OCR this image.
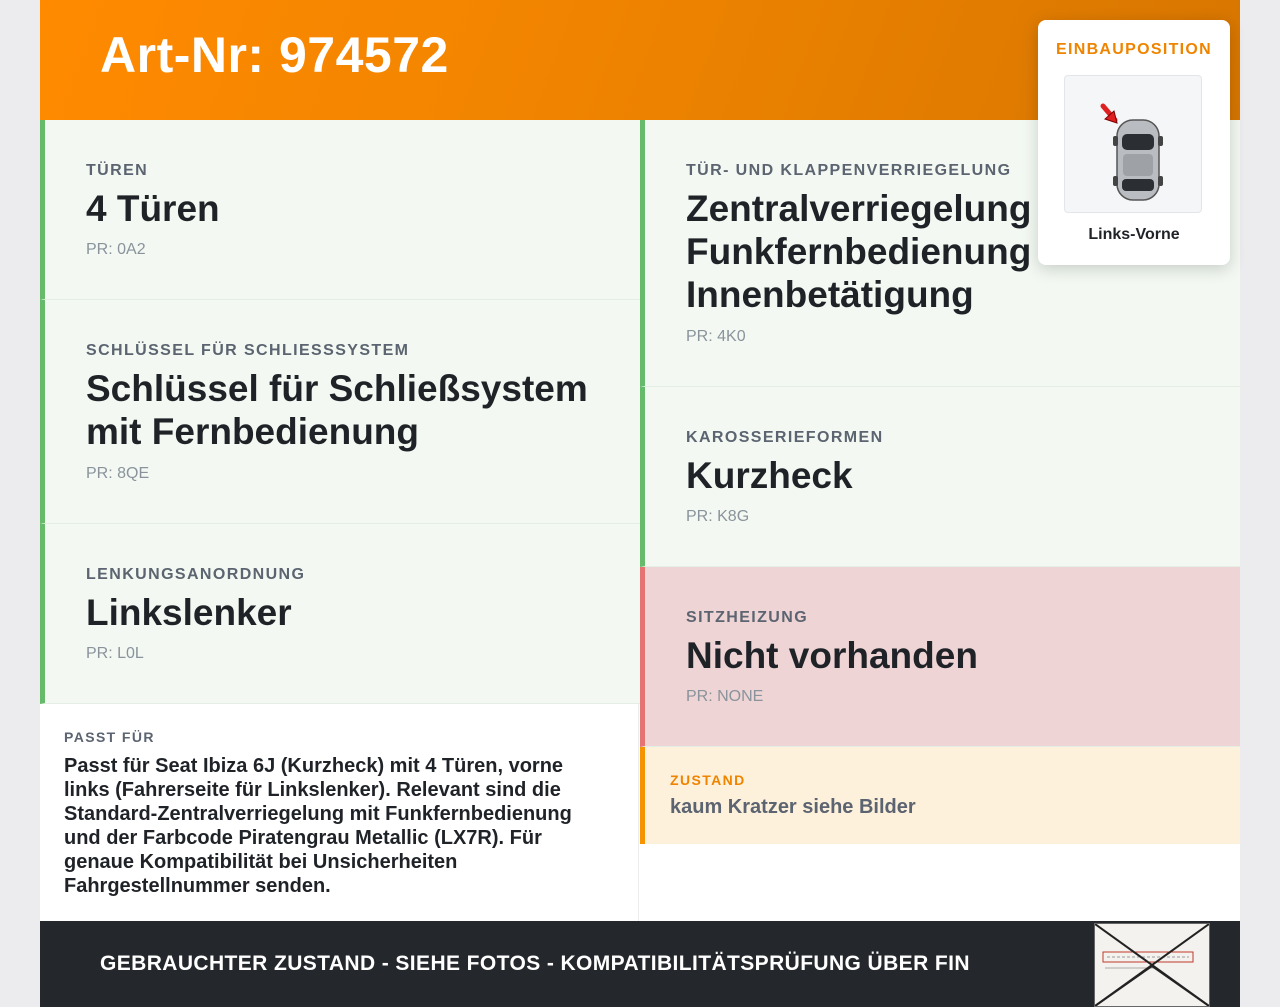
Art-Nr: 974572
TÜREN
4 Türen
PR: 0A2
SCHLÜSSEL FÜR SCHLIESSSYSTEM
Schlüssel für Schließsystem
mit Fernbedienung
PR: 8QE
LENKUNGSANORDNUNG
Linkslenker
PR: L0L
TÜR- UND KLAPPENVERRIEGELUNG
Zentralverriegelung
Funkfernbedienung
Innenbetätigung
PR: 4K0
KAROSSERIEFORMEN
Kurzheck
PR: K8G
SITZHEIZUNG
Nicht vorhanden
PR: NONE
PASST FÜR
Passt für Seat Ibiza 6J (Kurzheck) mit 4 Türen, vorne links (Fahrerseite für Linkslenker). Relevant sind die Standard-Zentralverriegelung mit Funkfernbedienung und der Farbcode Piratengrau Metallic (LX7R). Für genaue Kompatibilität bei Unsicherheiten Fahrgestellnummer senden.
ZUSTAND
kaum Kratzer siehe Bilder
GEBRAUCHTER ZUSTAND - SIEHE FOTOS - KOMPATIBILITÄTSPRÜFUNG ÜBER FIN
EINBAUPOSITION
Links-Vorne
